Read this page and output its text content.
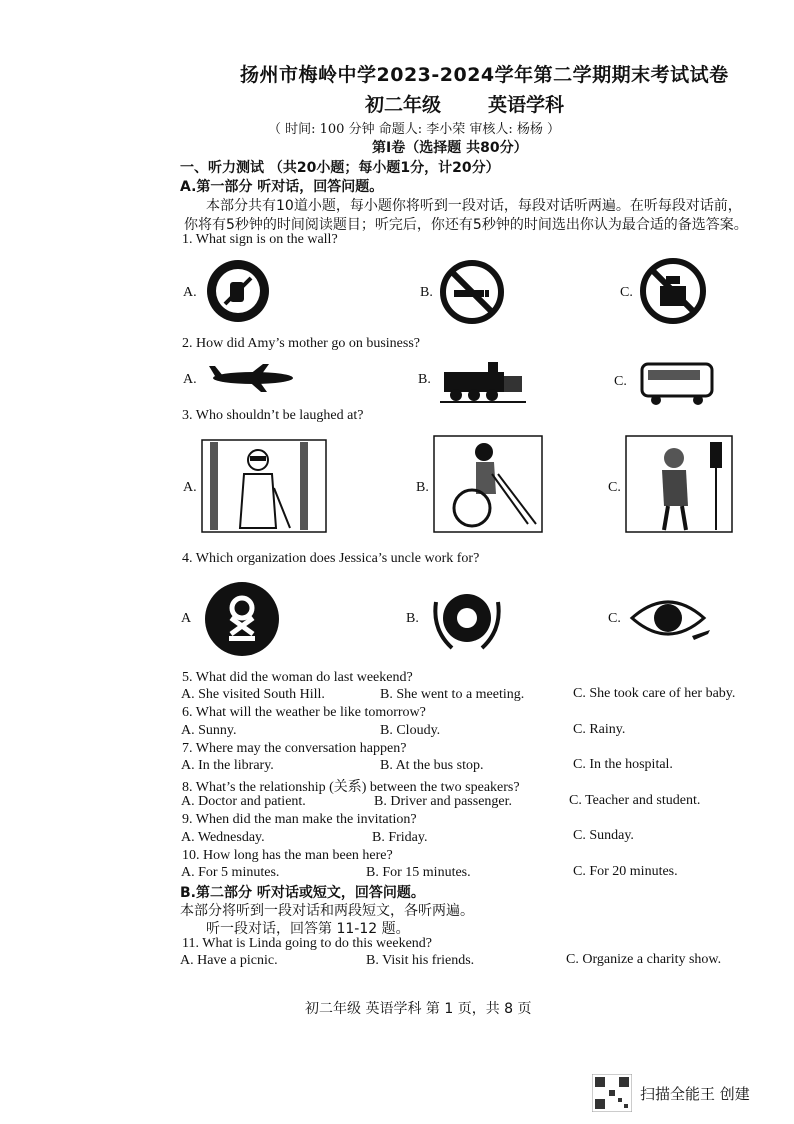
扬州市梅岭中学2023-2024学年第二学期期末考试试卷
初二年级 英语学科
（ 时间: 100 分钟 命题人: 李小荣 审核人: 杨杨 ）
第Ⅰ卷（选择题 共80分）
一、听力测试 （共20小题；每小题1分，计20分）
A.第一部分 听对话，回答问题。
本部分共有10道小题，每小题你将听到一段对话，每段对话听两遍。在听每段对话前，
你将有5秒钟的时间阅读题目；听完后，你还有5秒钟的时间选出你认为最合适的备选答案。
1. What sign is on the wall?
A.	B.	C.
2. How did Amy’s mother go on business?
A.	B.	C.
3. Who shouldn’t be laughed at?
A.	B.	C.
4. Which organization does Jessica’s uncle work for?
A	B.	C.
5. What did the woman do last weekend?
A. She visited South Hill.	B. She went to a meeting.	C. She took care of her baby.
6. What will the weather be like tomorrow?
A. Sunny.	B. Cloudy.	C. Rainy.
7. Where may the conversation happen?
A. In the library.	B. At the bus stop.	C. In the hospital.
8. What’s the relationship (关系) between the two speakers?
A. Doctor and patient.	B. Driver and passenger.	C. Teacher and student.
9. When did the man make the invitation?
A. Wednesday.	B. Friday.	C. Sunday.
10. How long has the man been here?
A. For 5 minutes.	B. For 15 minutes.	C. For 20 minutes.
B.第二部分 听对话或短文，回答问题。
本部分将听到一段对话和两段短文，各听两遍。
听一段对话，回答第 11-12 题。
11. What is Linda going to do this weekend?
A. Have a picnic.	B. Visit his friends.	C. Organize a charity show.
初二年级 英语学科 第 1 页，共 8 页
扫描全能王 创建
